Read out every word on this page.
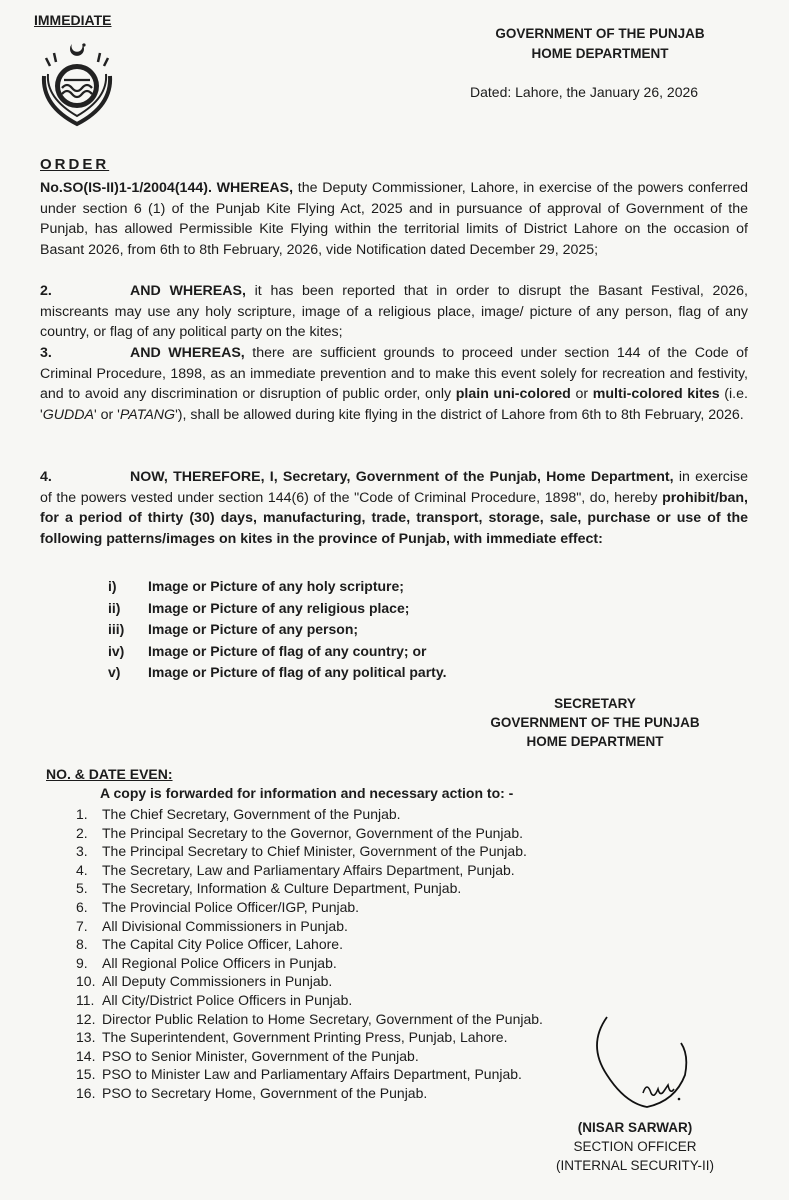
IMMEDIATE
GOVERNMENT OF THE PUNJAB
HOME DEPARTMENT
Dated: Lahore, the January 26, 2026
ORDER
No.SO(IS-II)1-1/2004(144). WHEREAS, the Deputy Commissioner, Lahore, in exercise of the powers conferred under section 6 (1) of the Punjab Kite Flying Act, 2025 and in pursuance of approval of Government of the Punjab, has allowed Permissible Kite Flying within the territorial limits of District Lahore on the occasion of Basant 2026, from 6th to 8th February, 2026, vide Notification dated December 29, 2025;
2.	AND WHEREAS, it has been reported that in order to disrupt the Basant Festival, 2026, miscreants may use any holy scripture, image of a religious place, image/ picture of any person, flag of any country, or flag of any political party on the kites;
3.	AND WHEREAS, there are sufficient grounds to proceed under section 144 of the Code of Criminal Procedure, 1898, as an immediate prevention and to make this event solely for recreation and festivity, and to avoid any discrimination or disruption of public order, only plain uni-colored or multi-colored kites (i.e. 'GUDDA' or 'PATANG'), shall be allowed during kite flying in the district of Lahore from 6th to 8th February, 2026.
4.	NOW, THEREFORE, I, Secretary, Government of the Punjab, Home Department, in exercise of the powers vested under section 144(6) of the "Code of Criminal Procedure, 1898", do, hereby prohibit/ban, for a period of thirty (30) days, manufacturing, trade, transport, storage, sale, purchase or use of the following patterns/images on kites in the province of Punjab, with immediate effect:
i) Image or Picture of any holy scripture;
ii) Image or Picture of any religious place;
iii) Image or Picture of any person;
iv) Image or Picture of flag of any country; or
v) Image or Picture of flag of any political party.
SECRETARY
GOVERNMENT OF THE PUNJAB
HOME DEPARTMENT
NO. & DATE EVEN:
A copy is forwarded for information and necessary action to: -
1. The Chief Secretary, Government of the Punjab.
2. The Principal Secretary to the Governor, Government of the Punjab.
3. The Principal Secretary to Chief Minister, Government of the Punjab.
4. The Secretary, Law and Parliamentary Affairs Department, Punjab.
5. The Secretary, Information & Culture Department, Punjab.
6. The Provincial Police Officer/IGP, Punjab.
7. All Divisional Commissioners in Punjab.
8. The Capital City Police Officer, Lahore.
9. All Regional Police Officers in Punjab.
10. All Deputy Commissioners in Punjab.
11. All City/District Police Officers in Punjab.
12. Director Public Relation to Home Secretary, Government of the Punjab.
13. The Superintendent, Government Printing Press, Punjab, Lahore.
14. PSO to Senior Minister, Government of the Punjab.
15. PSO to Minister Law and Parliamentary Affairs Department, Punjab.
16. PSO to Secretary Home, Government of the Punjab.
(NISAR SARWAR)
SECTION OFFICER
(INTERNAL SECURITY-II)
